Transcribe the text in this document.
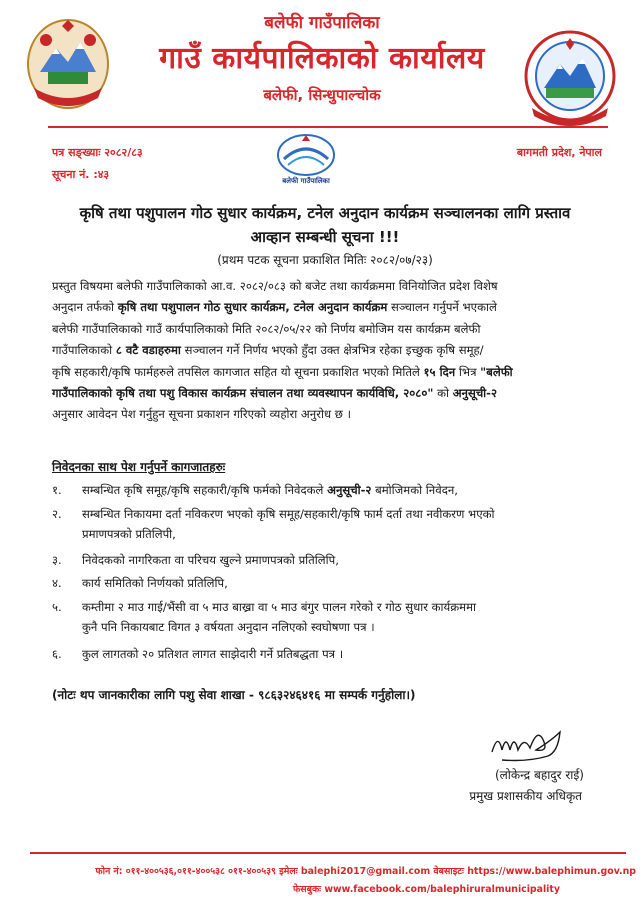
बलेफी गाउँपालिका
गाउँ कार्यपालिकाको कार्यालय
बलेफी, सिन्धुपाल्चोक
पत्र सङ्ख्याः २०८२/८३
सूचना नं. :४३
बागमती प्रदेश, नेपाल
बलेफी गाउँपालिका
कृषि तथा पशुपालन गोठ सुधार कार्यक्रम, टनेल अनुदान कार्यक्रम सञ्चालनका लागि प्रस्ताव
आव्हान सम्बन्धी सूचना !!!
(प्रथम पटक सूचना प्रकाशित मितिः २०८२/०७/२३)
प्रस्तुत विषयमा बलेफी गाउँपालिकाको आ.व. २०८२/०८३ को बजेट तथा कार्यक्रममा विनियोजित प्रदेश विशेष
अनुदान तर्फको कृषि तथा पशुपालन गोठ सुधार कार्यक्रम, टनेल अनुदान कार्यक्रम सञ्चालन गर्नुपर्ने भएकाले
बलेफी गाउँपालिकाको गाउँ कार्यपालिकाको मिति २०८२/०५/२२ को निर्णय बमोजिम यस कार्यक्रम बलेफी
गाउँपालिकाको ८ वटै वडाहरुमा सञ्चालन गर्ने निर्णय भएको हुँदा उक्त क्षेत्रभित्र रहेका इच्छुक कृषि समूह/
कृषि सहकारी/कृषि फार्महरुले तपसिल कागजात सहित यो सूचना प्रकाशित भएको मितिले १५ दिन भित्र "बलेफी
गाउँपालिकाको कृषि तथा पशु विकास कार्यक्रम संचालन तथा व्यवस्थापन कार्यविधि, २०८०" को अनुसूची-२
अनुसार आवेदन पेश गर्नुहुन सूचना प्रकाशन गरिएको व्यहोरा अनुरोध छ ।
निवेदनका साथ पेश गर्नुपर्ने कागजातहरुः
१. सम्बन्धित कृषि समूह/कृषि सहकारी/कृषि फर्मको निवेदकले अनुसूची-२ बमोजिमको निवेदन,
२. सम्बन्धित निकायमा दर्ता नविकरण भएको कृषि समूह/सहकारी/कृषि फार्म दर्ता तथा नवीकरण भएको
प्रमाणपत्रको प्रतिलिपी,
३. निवेदकको नागरिकता वा परिचय खुल्ने प्रमाणपत्रको प्रतिलिपि,
४. कार्य समितिको निर्णयको प्रतिलिपि,
५. कम्तीमा २ माउ गाई/भैंसी वा ५ माउ बाख्रा वा ५ माउ बंगुर पालन गरेको र गोठ सुधार कार्यक्रममा
कुनै पनि निकायबाट विगत ३ वर्षयता अनुदान नलिएको स्वघोषणा पत्र ।
६. कुल लागतको २० प्रतिशत लागत साझेदारी गर्ने प्रतिबद्धता पत्र ।
(नोटः थप जानकारीका लागि पशु सेवा शाखा - ९८६३२४६४१६ मा सम्पर्क गर्नुहोला।)
(लोकेन्द्र बहादुर राई)
प्रमुख प्रशासकीय अधिकृत
फोन नं: ०११-४००५३६,०११-४००५३८ ०११-४००५३९ इमेलः balephi2017@gmail.com वेबसाइटः https://www.balephimun.gov.np
फेसबुकः www.facebook.com/balephiruralmunicipality
